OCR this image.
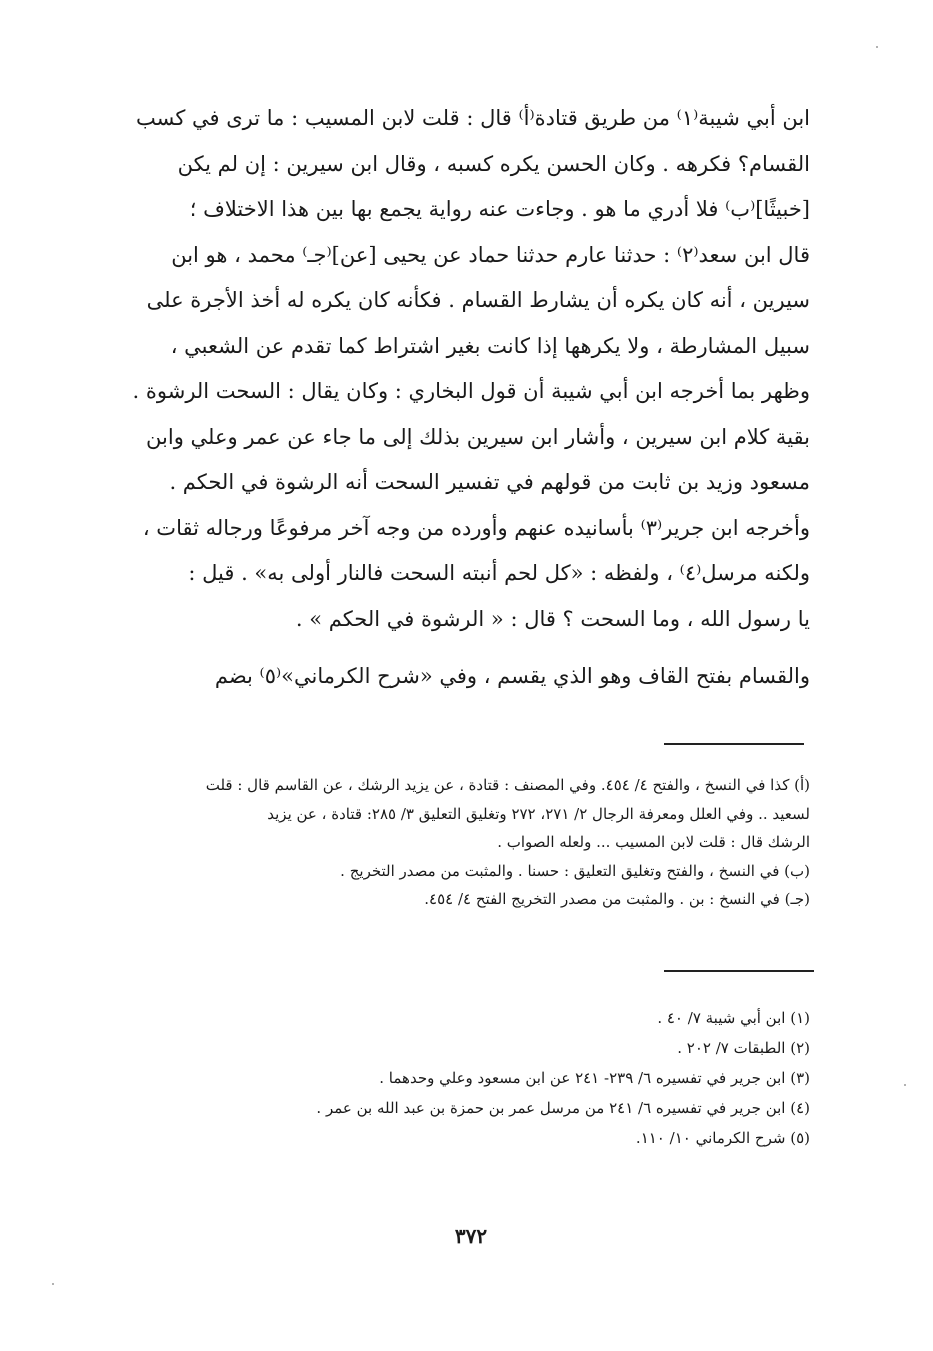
ابن أبي شيبة⁽١⁾ من طريق قتادة⁽أ⁾ قال : قلت لابن المسيب : ما ترى في كسب
القسام؟ فكرهه . وكان الحسن يكره كسبه ، وقال ابن سيرين : إن لم يكن
[خبيثًا]⁽ب⁾ فلا أدري ما هو . وجاءت عنه رواية يجمع بها بين هذا الاختلاف ؛
قال ابن سعد⁽٢⁾ : حدثنا عارم حدثنا حماد عن يحيى [عن]⁽جـ⁾ محمد ، هو ابن
سيرين ، أنه كان يكره أن يشارط القسام . فكأنه كان يكره له أخذ الأجرة على
سبيل المشارطة ، ولا يكرهها إذا كانت بغير اشتراط كما تقدم عن الشعبي ،
وظهر بما أخرجه ابن أبي شيبة أن قول البخاري : وكان يقال : السحت الرشوة .
بقية كلام ابن سيرين ، وأشار ابن سيرين بذلك إلى ما جاء عن عمر وعلي وابن
مسعود وزيد بن ثابت من قولهم في تفسير السحت أنه الرشوة في الحكم .
وأخرجه ابن جرير⁽٣⁾ بأسانيده عنهم وأورده من وجه آخر مرفوعًا ورجاله ثقات ،
ولكنه مرسل⁽٤⁾ ، ولفظه : «كل لحم أنبته السحت فالنار أولى به» . قيل :
يا رسول الله ، وما السحت ؟ قال : « الرشوة في الحكم » .
والقسام بفتح القاف وهو الذي يقسم ، وفي «شرح الكرماني»⁽٥⁾ بضم
(أ) كذا في النسخ ، والفتح ٤/ ٤٥٤. وفي المصنف : قتادة ، عن يزيد الرشك ، عن القاسم قال : قلت
لسعيد .. وفي العلل ومعرفة الرجال ٢/ ٢٧١، ٢٧٢ وتغليق التعليق ٣/ ٢٨٥: قتادة ، عن يزيد
الرشك قال : قلت لابن المسيب ... ولعله الصواب .
(ب) في النسخ ، والفتح وتغليق التعليق : حسنا . والمثبت من مصدر التخريج .
(جـ) في النسخ : بن . والمثبت من مصدر التخريج الفتح ٤/ ٤٥٤.
(١) ابن أبي شيبة ٧/ ٤٠ .
(٢) الطبقات ٧/ ٢٠٢ .
(٣) ابن جرير في تفسيره ٦/ ٢٣٩- ٢٤١ عن ابن مسعود وعلي وحدهما .
(٤) ابن جرير في تفسيره ٦/ ٢٤١ من مرسل عمر بن حمزة بن عبد الله بن عمر .
(٥) شرح الكرماني ١٠/ ١١٠.
٣٧٢
